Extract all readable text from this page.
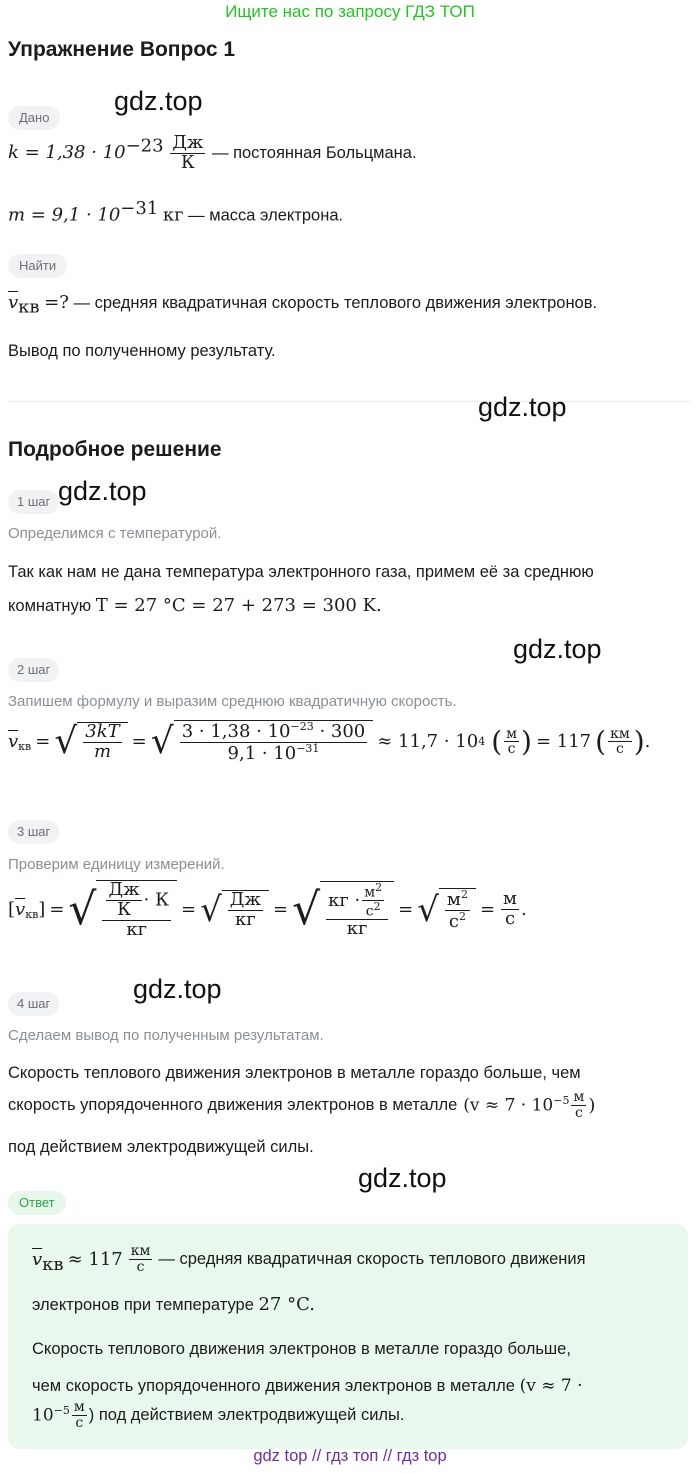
Ищите нас по запросу ГДЗ ТОП
Упражнение Вопрос 1
gdz.top
Дано
$k = 1,38 \cdot 10^{-23} \frac{Дж}{К}$ — постоянная Больцмана.
$m = 9,1 \cdot 10^{-31}$ кг — масса электрона.
Найти
$\overline{v}_{кв}$ =? — средняя квадратичная скорость теплового движения электронов.
Вывод по полученному результату.
gdz.top
Подробное решение
1 шаг gdz.top
Определимся с температурой.
Так как нам не дана температура электронного газа, примем её за среднюю
комнатную T = 27 °C = 27 + 273 = 300 K.
gdz.top
2 шаг
Запишем формулу и выразим среднюю квадратичную скорость.
$\overline{v}_{кв}$ = √ $\frac{3kT}{m}$ = √ $\frac{3 \cdot 1,38 \cdot 10^{-23} \cdot 300}{9,1 \cdot 10^{-31}} \approx 11,7 \cdot 10$ 4 ( $\frac{м}{с}$ ) = 117 ( $\frac{км}{с}$ ) .
3 шаг
Проверим единицу измерений.
[ $\overline{v}_{кв}$ ] = √ $\frac{\frac{Дж}{К} \cdot К}{кг}$ = √ $\frac{Дж}{кг}$ = √ $\frac{кг \cdot \frac{м^2}{с^2}}{кг}$ = √ $\frac{м^2}{с^2} = \frac{м}{с}$ .
4 шаг	gdz.top
Сделаем вывод по полученным результатам.
Скорость теплового движения электронов в металле гораздо больше, чем
скорость упорядоченного движения электронов в металле ($v \approx 7 \cdot 10^{-5} \frac{м}{с}$ )
под действием электродвижущей силы.
gdz.top
Ответ
$\overline{v}$ кв ≈ $117 \frac{км}{с}$ — средняя квадратичная скорость теплового движения
электронов при температуре 27 °C.
Скорость теплового движения электронов в металле гораздо больше,
чем скорость упорядоченного движения электронов в металле (v ≈ 7 ·
$10^{-5} \frac{м}{с}$ ) под действием электродвижущей силы.
gdz top // гдз топ // гдз top
